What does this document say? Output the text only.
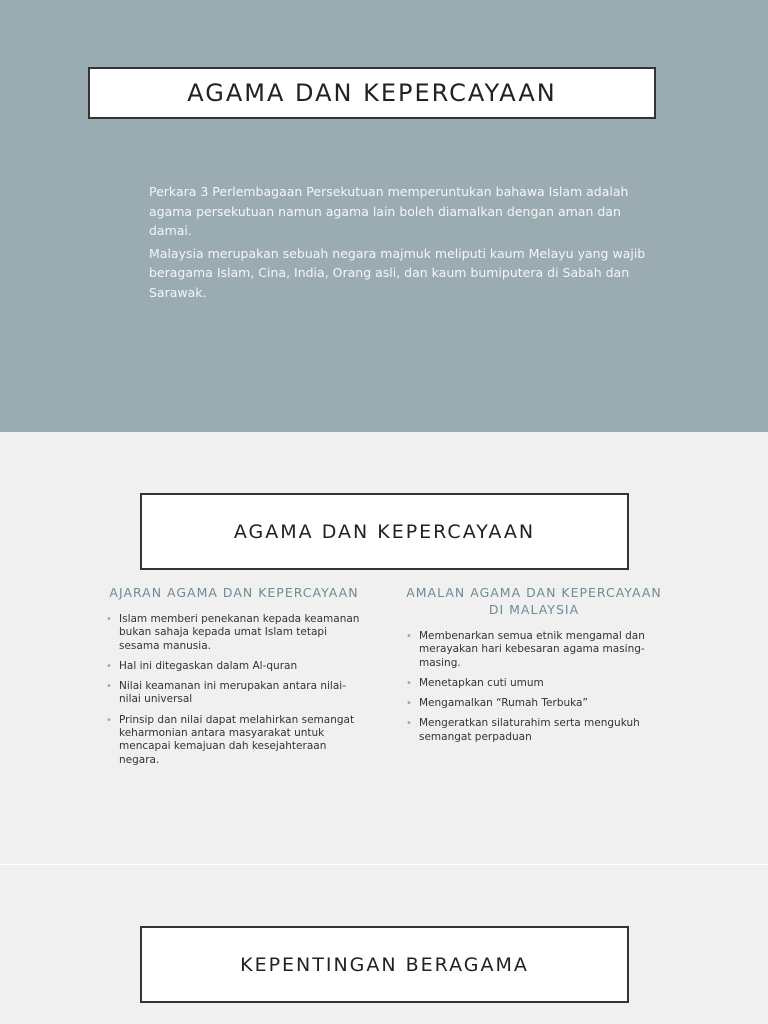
AGAMA DAN KEPERCAYAAN

Perkara 3 Perlembagaan Persekutuan memperuntukan bahawa Islam adalah agama persekutuan namun agama lain boleh diamalkan dengan aman dan damai.

Malaysia merupakan sebuah negara majmuk meliputi kaum Melayu yang wajib beragama Islam, Cina, India, Orang asli, dan kaum bumiputera di Sabah dan Sarawak.

AGAMA DAN KEPERCAYAAN
AJARAN AGAMA DAN KEPERCAYAAN
• Islam memberi penekanan kepada keamanan bukan sahaja kepada umat Islam tetapi sesama manusia.
• Hal ini ditegaskan dalam Al-quran
• Nilai keamanan ini merupakan antara nilai-nilai universal
• Prinsip dan nilai dapat melahirkan semangat keharmonian antara masyarakat untuk mencapai kemajuan dah kesejahteraan negara.
AMALAN AGAMA DAN KEPERCAYAAN DI MALAYSIA
• Membenarkan semua etnik mengamal dan merayakan hari kebesaran agama masing-masing.
• Menetapkan cuti umum
• Mengamalkan “Rumah Terbuka”
• Mengeratkan silaturahim serta mengukuh semangat perpaduan
KEPENTINGAN BERAGAMA
